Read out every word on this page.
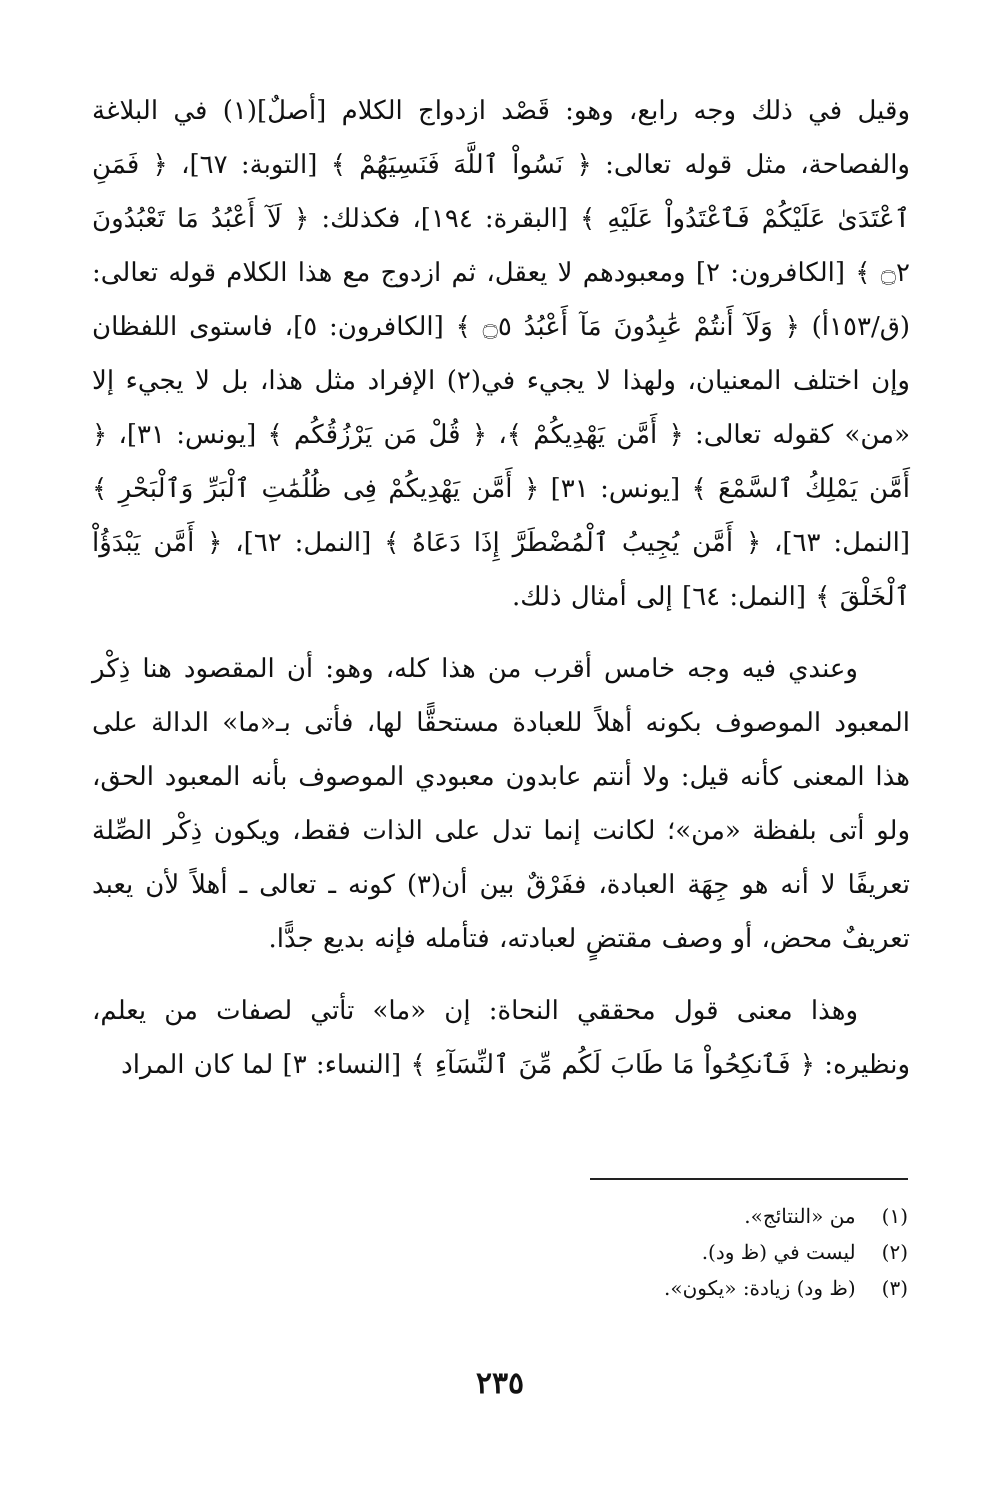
وقيل في ذلك وجه رابع، وهو: قَصْد ازدواج الكلام [أصلٌ](١) في البلاغة والفصاحة، مثل قوله تعالى: ﴿ نَسُواْ ٱللَّهَ فَنَسِيَهُمْ ﴾ [التوبة: ٦٧]، ﴿ فَمَنِ ٱعْتَدَىٰ عَلَيْكُمْ فَٱعْتَدُواْ عَلَيْهِ ﴾ [البقرة: ١٩٤]، فكذلك: ﴿ لَآ أَعْبُدُ مَا تَعْبُدُونَ ۝٢ ﴾ [الكافرون: ٢] ومعبودهم لا يعقل، ثم ازدوج مع هذا الكلام قوله تعالى: (ق/١٥٣أ) ﴿ وَلَآ أَنتُمْ عَٰبِدُونَ مَآ أَعْبُدُ ۝٥ ﴾ [الكافرون: ٥]، فاستوى اللفظان وإن اختلف المعنيان، ولهذا لا يجيء في(٢) الإفراد مثل هذا، بل لا يجيء إلا «من» كقوله تعالى: ﴿ أَمَّن يَهْدِيكُمْ ﴾، ﴿ قُلْ مَن يَرْزُقُكُم ﴾ [يونس: ٣١]، ﴿ أَمَّن يَمْلِكُ ٱلسَّمْعَ ﴾ [يونس: ٣١] ﴿ أَمَّن يَهْدِيكُمْ فِى ظُلُمَٰتِ ٱلْبَرِّ وَٱلْبَحْرِ ﴾ [النمل: ٦٣]، ﴿ أَمَّن يُجِيبُ ٱلْمُضْطَرَّ إِذَا دَعَاهُ ﴾ [النمل: ٦٢]، ﴿ أَمَّن يَبْدَؤُاْ ٱلْخَلْقَ ﴾ [النمل: ٦٤] إلى أمثال ذلك.

وعندي فيه وجه خامس أقرب من هذا كله، وهو: أن المقصود هنا ذِكْر المعبود الموصوف بكونه أهلاً للعبادة مستحقًّا لها، فأتى بـ«ما» الدالة على هذا المعنى كأنه قيل: ولا أنتم عابدون معبودي الموصوف بأنه المعبود الحق، ولو أتى بلفظة «من»؛ لكانت إنما تدل على الذات فقط، ويكون ذِكْر الصِّلة تعريفًا لا أنه هو جِهَة العبادة، ففَرْقٌ بين أن(٣) كونه ـ تعالى ـ أهلاً لأن يعبد تعريفٌ محض، أو وصف مقتضٍ لعبادته، فتأمله فإنه بديع جدًّا.

وهذا معنى قول محققي النحاة: إن «ما» تأتي لصفات من يعلم، ونظيره: ﴿ فَٱنكِحُواْ مَا طَابَ لَكُم مِّنَ ٱلنِّسَآءِ ﴾ [النساء: ٣] لما كان المراد

(١) من «النتائج».
(٢) ليست في (ظ ود).
(٣) (ظ ود) زيادة: «يكون».
٢٣٥
